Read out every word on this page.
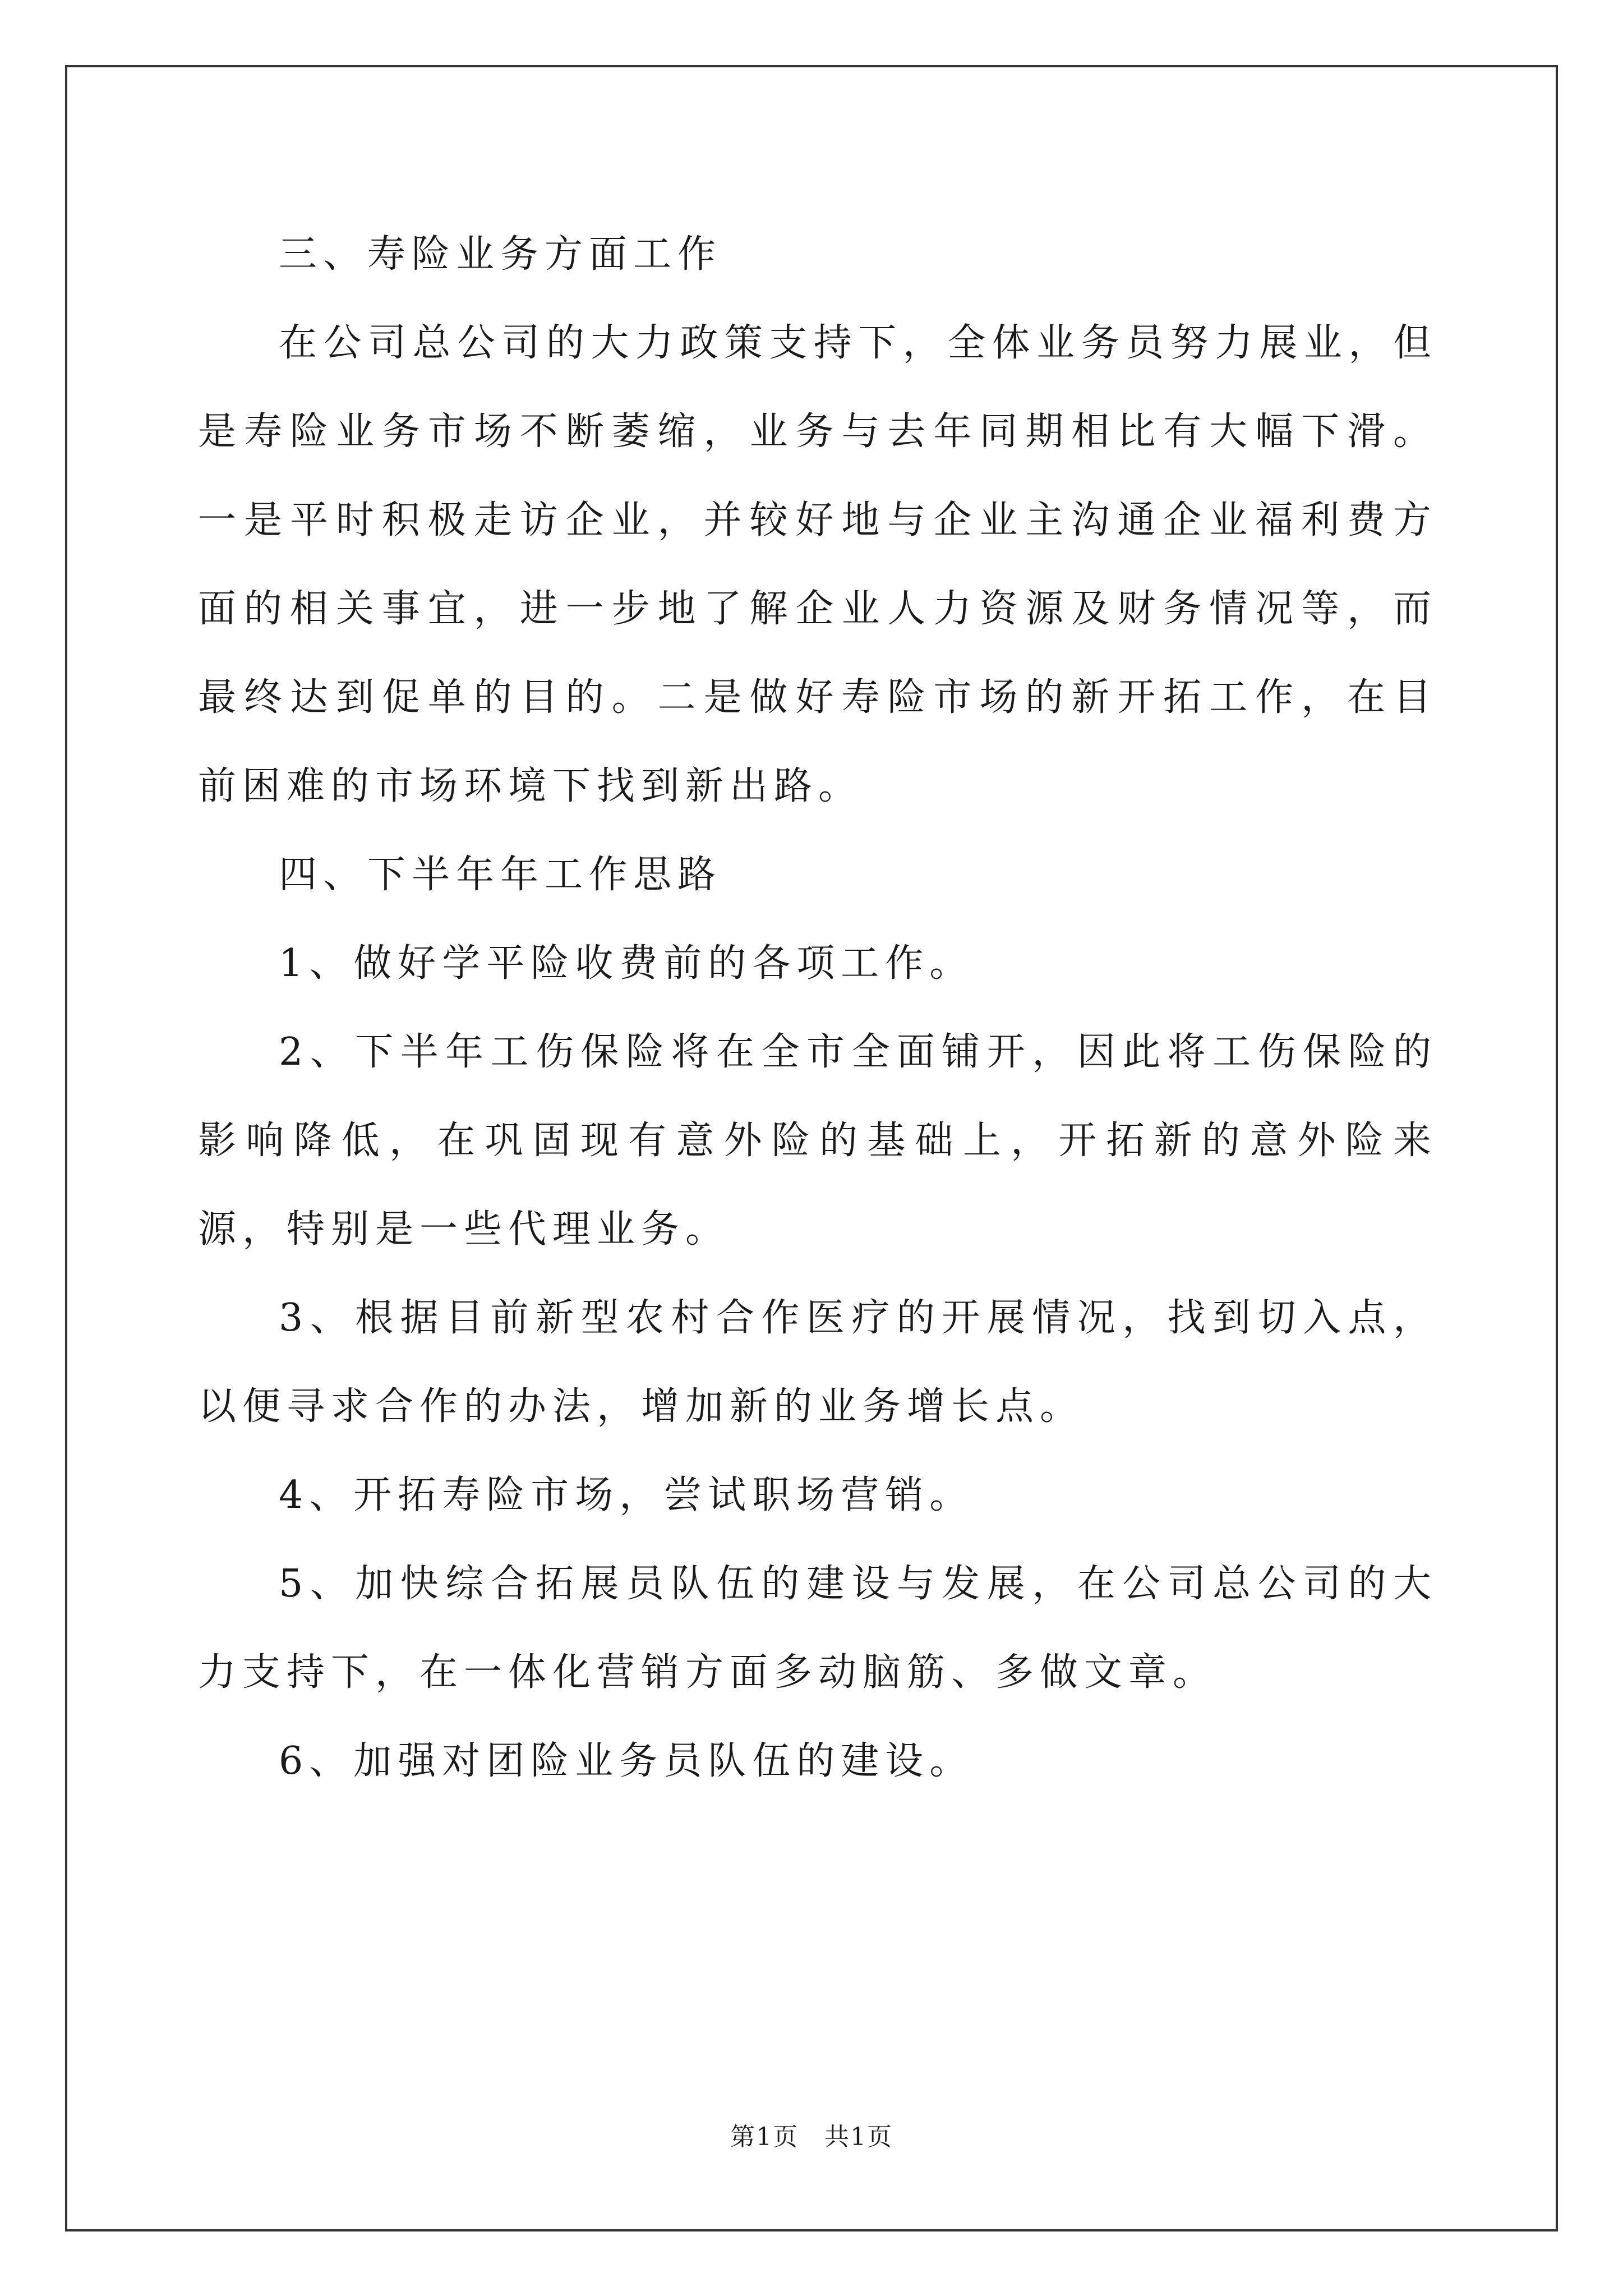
三、寿险业务方面工作

在公司总公司的大力政策支持下，全体业务员努力展业，但是寿险业务市场不断萎缩，业务与去年同期相比有大幅下滑。一是平时积极走访企业，并较好地与企业主沟通企业福利费方面的相关事宜，进一步地了解企业人力资源及财务情况等，而最终达到促单的目的。二是做好寿险市场的新开拓工作，在目前困难的市场环境下找到新出路。

四、下半年年工作思路

1、做好学平险收费前的各项工作。

2、下半年工伤保险将在全市全面铺开，因此将工伤保险的影响降低，在巩固现有意外险的基础上，开拓新的意外险来源，特别是一些代理业务。

3、根据目前新型农村合作医疗的开展情况，找到切入点，以便寻求合作的办法，增加新的业务增长点。

4、开拓寿险市场，尝试职场营销。

5、加快综合拓展员队伍的建设与发展，在公司总公司的大力支持下，在一体化营销方面多动脑筋、多做文章。

6、加强对团险业务员队伍的建设。

第1页　共1页
